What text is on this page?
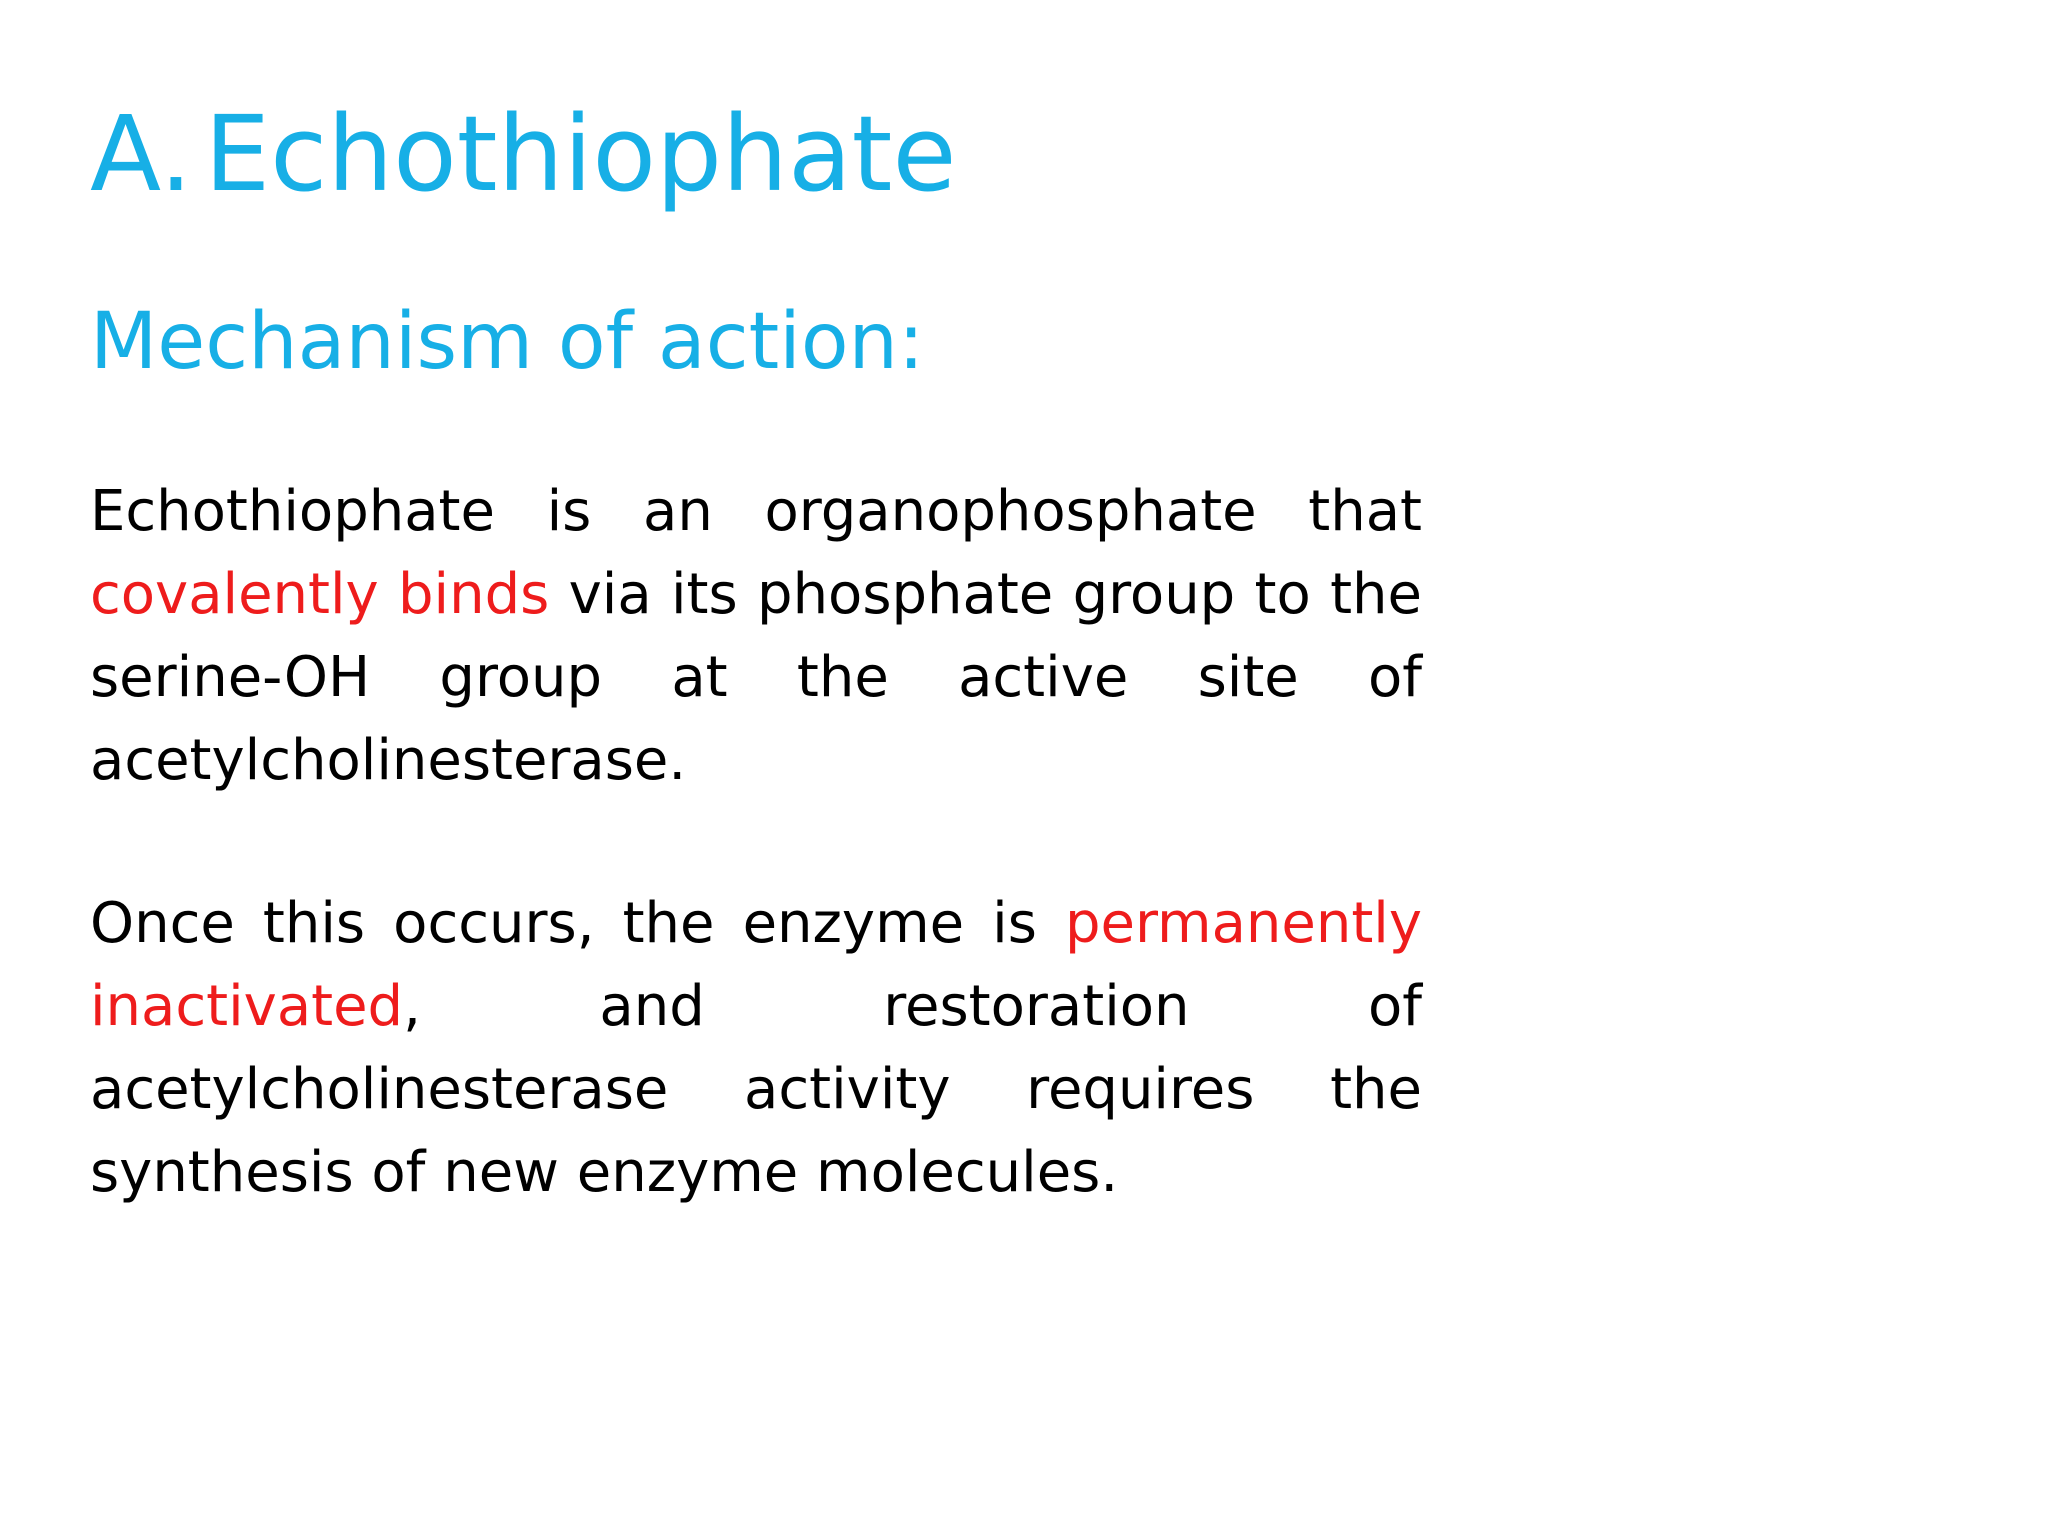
A. Echothiophate
Mechanism of action:

Echothiophate is an organophosphate that covalently binds via its phosphate group to the serine-OH group at the active site of acetylcholinesterase.

Once this occurs, the enzyme is permanently inactivated, and restoration of acetylcholinesterase activity requires the synthesis of new enzyme molecules.
